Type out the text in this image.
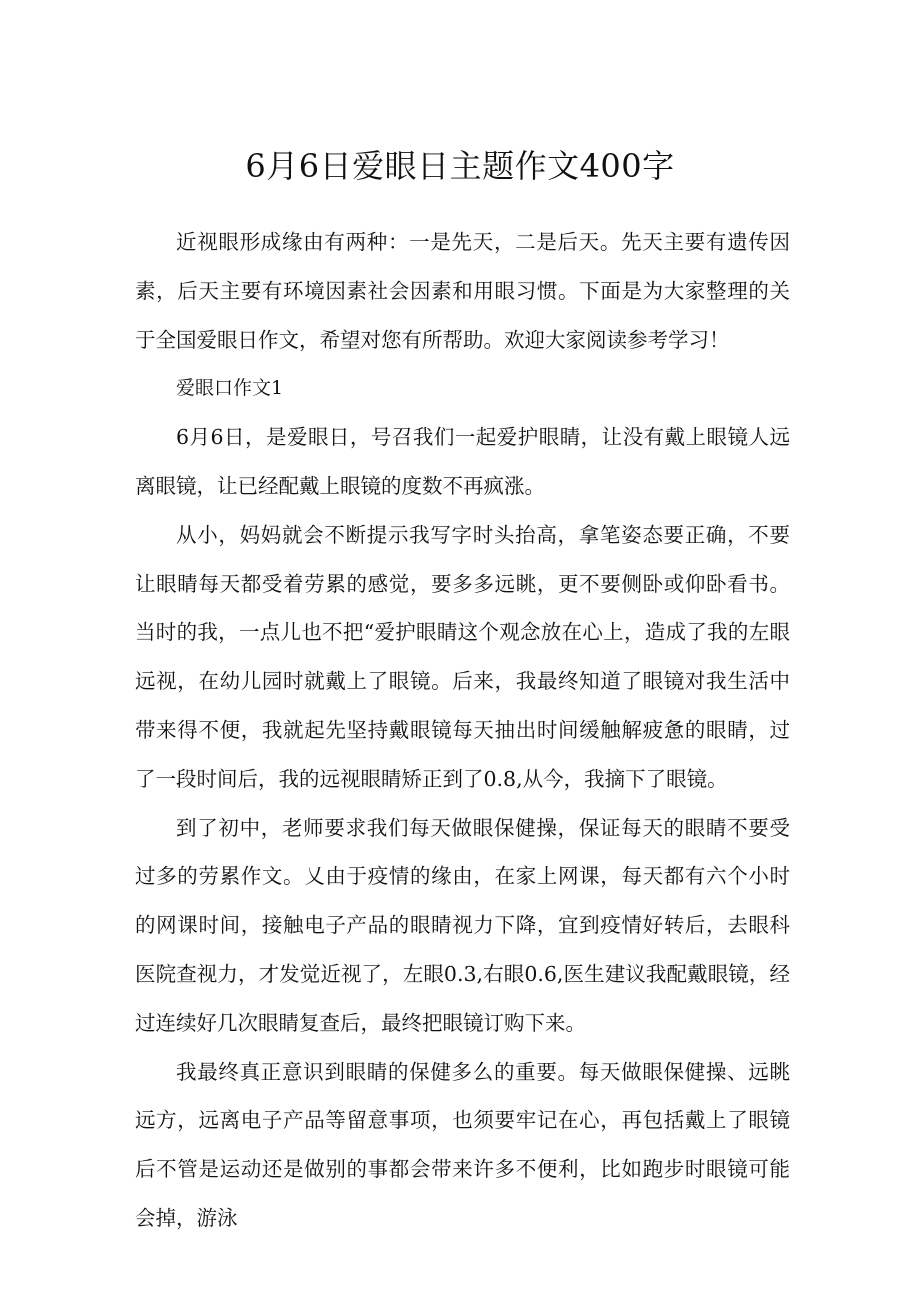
6月6日爱眼日主题作文400字

近视眼形成缘由有两种：一是先天，二是后天。先天主要有遗传因素，后天主要有环境因素社会因素和用眼习惯。下面是为大家整理的关于全国爱眼日作文，希望对您有所帮助。欢迎大家阅读参考学习！

爱眼口作文1

6月6日，是爱眼日，号召我们一起爱护眼睛，让没有戴上眼镜人远离眼镜，让已经配戴上眼镜的度数不再疯涨。

从小，妈妈就会不断提示我写字时头抬高，拿笔姿态要正确，不要让眼睛每天都受着劳累的感觉，要多多远眺，更不要侧卧或仰卧看书。当时的我，一点儿也不把“爱护眼睛这个观念放在心上，造成了我的左眼远视，在幼儿园时就戴上了眼镜。后来，我最终知道了眼镜对我生活中带来得不便，我就起先坚持戴眼镜每天抽出时间缓触解疲惫的眼睛，过了一段时间后，我的远视眼睛矫正到了0.8,从今，我摘下了眼镜。

到了初中，老师要求我们每天做眼保健操，保证每天的眼睛不要受过多的劳累作文。乂由于疫情的缘由，在家上网课，每天都有六个小时的网课时间，接触电子产品的眼睛视力下降，宜到疫情好转后，去眼科医院查视力，才发觉近视了，左眼0.3,右眼0.6,医生建议我配戴眼镜，经过连续好几次眼睛复查后，最终把眼镜订购下来。

我最终真正意识到眼睛的保健多么的重要。每天做眼保健操、远眺远方，远离电子产品等留意事项，也须要牢记在心，再包括戴上了眼镜后不管是运动还是做别的事都会带来许多不便利，比如跑步时眼镜可能会掉，游泳
